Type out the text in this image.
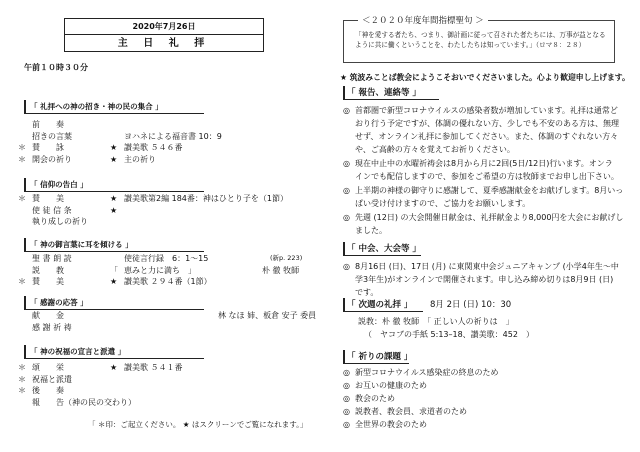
2020年7月26日
主 日 礼 拝
午前１０時３０分
「 礼拝への神の招き・神の民の集合 」
「 信仰の告白 」
「 神の御言葉に耳を傾ける 」
「 感謝の応答 」
「 神の祝福の宣言と派遣 」
前　　奏
招きの言葉	ヨハネによる福音書 10：9
＊ 賛　　詠	★ 讃美歌 ５４６番
＊ 開会の祈り	★ 主の祈り
＊ 賛　　美	★ 讃美歌第2編 184番：神はひとり子を（1節）
使 徒 信 条	★
執り成しの祈り
聖 書 朗 読	使徒言行録　6：1～15	(新p. 223)
説　　教	「 恵みと力に満ち　」	朴 徹 牧師
＊ 賛　　美	★ 讃美歌 ２９４番（1節）
献　　金	林 なほ 姉、板倉 安子 委員
感 謝 祈 祷
＊ 頌　　栄	★ 讃美歌 ５４１番
＊ 祝福と派遣
＊ 後　　奏
報　　告（神の民の交わり）
「 ＊印：ご起立ください。 ★ はスクリーンでご覧になれます。」
＜２０２０年度年間指標聖句 ＞
「神を愛する者たち、つまり、御計画に従って召された者たちには、万事が益となる
ように共に働くということを、わたしたちは知っています。」（ロマ８：２８）
★ 筑波みことば教会にようこそおいでくださいました。心より歓迎申し上げます。
「 報告、連絡等 」
◎ 首都圏で新型コロナウイルスの感染者数が増加しています。礼拝は通常ど
おり行う予定ですが、体調の優れない方、少しでも不安のある方は、無理
せず、オンライン礼拝に参加してください。また、体調のすぐれない方々
や、ご高齢の方々を覚えてお祈りください。
◎ 現在中止中の水曜祈祷会は8月から月に2回(5日/12日)行います。オンラ
インでも配信しますので、参加をご希望の方は牧師までお申し出下さい。
◎ 上半期の神様の御守りに感謝して、夏季感謝献金をお献げします。8月いっ
ぱい受け付けますので、ご協力をお願いします。
◎ 先週 (12日) の大会開催日献金は、礼拝献金より8,000円を大会にお献げし
ました。
「 中会、大会等 」
◎ 8月16日 (日)、17日 (月) に東関東中会ジュニアキャンプ (小学4年生～中
学3年生)がオンラインで開催されます。申し込み締め切りは8月9日 (日)
です。
「 次週の礼拝 」 8月 2日 (日) 10：30
説教：朴 徹 牧師　「 正しい人の祈りは　」
（　ヤコブの手紙 5:13–18、讃美歌：452　）
「 祈りの課題 」
◎ 新型コロナウイルス感染症の終息のため
◎ お互いの健康のため
◎ 教会のため
◎ 説教者、教会員、求道者のため
◎ 全世界の教会のため
